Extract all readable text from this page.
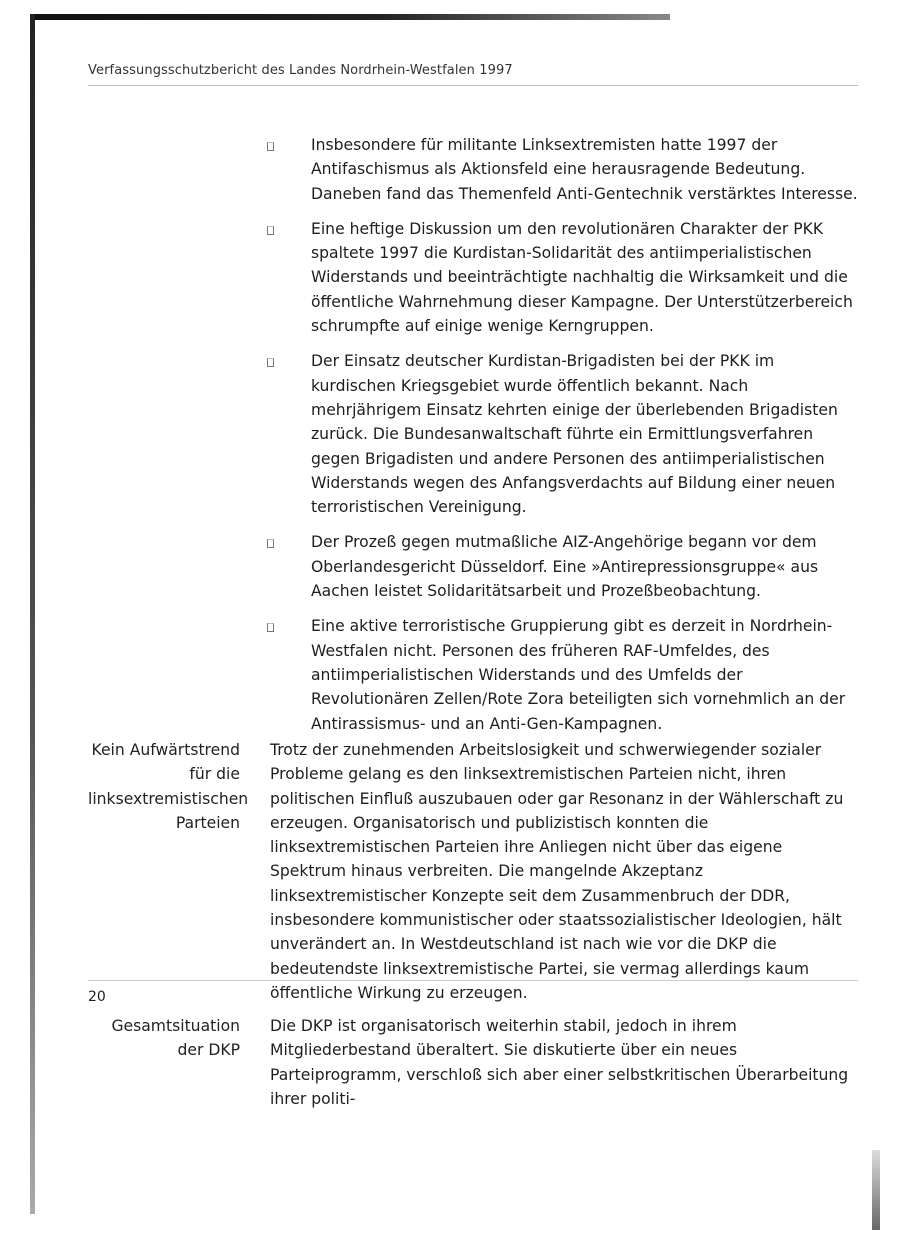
Verfassungsschutzbericht des Landes Nordrhein-Westfalen 1997
Insbesondere für militante Linksextremisten hatte 1997 der Antifaschismus als Aktionsfeld eine herausragende Bedeutung. Daneben fand das Themenfeld Anti-Gentechnik verstärktes Interesse.
Eine heftige Diskussion um den revolutionären Charakter der PKK spaltete 1997 die Kurdistan-Solidarität des antiimperialistischen Widerstands und beeinträchtigte nachhaltig die Wirksamkeit und die öffentliche Wahrnehmung dieser Kampagne. Der Unterstützerbereich schrumpfte auf einige wenige Kerngruppen.
Der Einsatz deutscher Kurdistan-Brigadisten bei der PKK im kurdischen Kriegsgebiet wurde öffentlich bekannt. Nach mehrjährigem Einsatz kehrten einige der überlebenden Brigadisten zurück. Die Bundesanwaltschaft führte ein Ermittlungsverfahren gegen Brigadisten und andere Personen des antiimperialistischen Widerstands wegen des Anfangsverdachts auf Bildung einer neuen terroristischen Vereinigung.
Der Prozeß gegen mutmaßliche AIZ-Angehörige begann vor dem Oberlandesgericht Düsseldorf. Eine »Antirepressionsgruppe« aus Aachen leistet Solidaritätsarbeit und Prozeßbeobachtung.
Eine aktive terroristische Gruppierung gibt es derzeit in Nordrhein-Westfalen nicht. Personen des früheren RAF-Umfeldes, des antiimperialistischen Widerstands und des Umfelds der Revolutionären Zellen/Rote Zora beteiligten sich vornehmlich an der Antirassismus- und an Anti-Gen-Kampagnen.
Kein Aufwärtstrend für die linksextremistischen Parteien
Trotz der zunehmenden Arbeitslosigkeit und schwerwiegender sozialer Probleme gelang es den linksextremistischen Parteien nicht, ihren politischen Einfluß auszubauen oder gar Resonanz in der Wählerschaft zu erzeugen. Organisatorisch und publizistisch konnten die linksextremistischen Parteien ihre Anliegen nicht über das eigene Spektrum hinaus verbreiten. Die mangelnde Akzeptanz linksextremistischer Konzepte seit dem Zusammenbruch der DDR, insbesondere kommunistischer oder staatssozialistischer Ideologien, hält unverändert an. In Westdeutschland ist nach wie vor die DKP die bedeutendste linksextremistische Partei, sie vermag allerdings kaum öffentliche Wirkung zu erzeugen.
Gesamtsituation der DKP
Die DKP ist organisatorisch weiterhin stabil, jedoch in ihrem Mitgliederbestand überaltert. Sie diskutierte über ein neues Parteiprogramm, verschloß sich aber einer selbstkritischen Überarbeitung ihrer politi-
20
